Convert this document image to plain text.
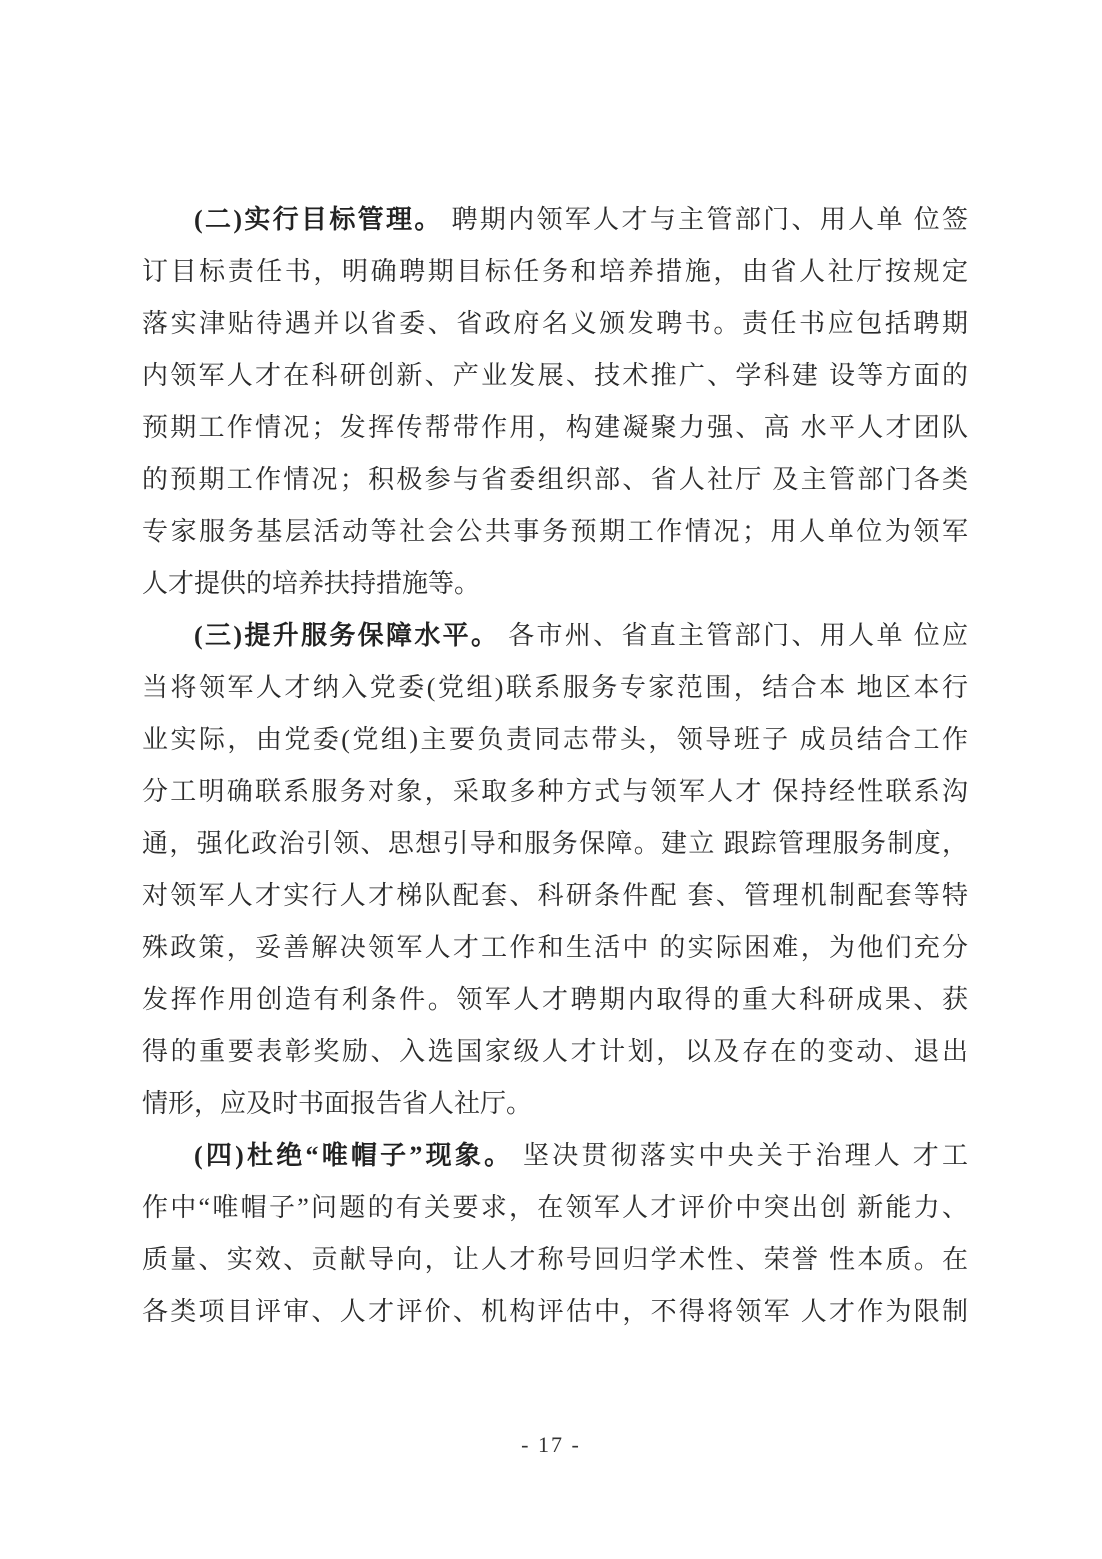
(二)实行目标管理。 聘期内领军人才与主管部门、用人单 位签
订目标责任书，明确聘期目标任务和培养措施，由省人社厅按规定
落实津贴待遇并以省委、省政府名义颁发聘书。责任书应包括聘期
内领军人才在科研创新、产业发展、技术推广、学科建 设等方面的
预期工作情况；发挥传帮带作用，构建凝聚力强、高 水平人才团队
的预期工作情况；积极参与省委组织部、省人社厅 及主管部门各类
专家服务基层活动等社会公共事务预期工作情况；用人单位为领军
人才提供的培养扶持措施等。
(三)提升服务保障水平。 各市州、省直主管部门、用人单 位应
当将领军人才纳入党委(党组)联系服务专家范围，结合本 地区本行
业实际，由党委(党组)主要负责同志带头，领导班子 成员结合工作
分工明确联系服务对象，采取多种方式与领军人才 保持经性联系沟
通，强化政治引领、思想引导和服务保障。建立 跟踪管理服务制度，
对领军人才实行人才梯队配套、科研条件配 套、管理机制配套等特
殊政策，妥善解决领军人才工作和生活中 的实际困难，为他们充分
发挥作用创造有利条件。领军人才聘期内取得的重大科研成果、获
得的重要表彰奖励、入选国家级人才计划，以及存在的变动、退出
情形，应及时书面报告省人社厅。
(四)杜绝“唯帽子”现象。 坚决贯彻落实中央关于治理人 才工
作中“唯帽子”问题的有关要求，在领军人才评价中突出创 新能力、
质量、实效、贡献导向，让人才称号回归学术性、荣誉 性本质。在
各类项目评审、人才评价、机构评估中，不得将领军 人才作为限制
- 17 -
